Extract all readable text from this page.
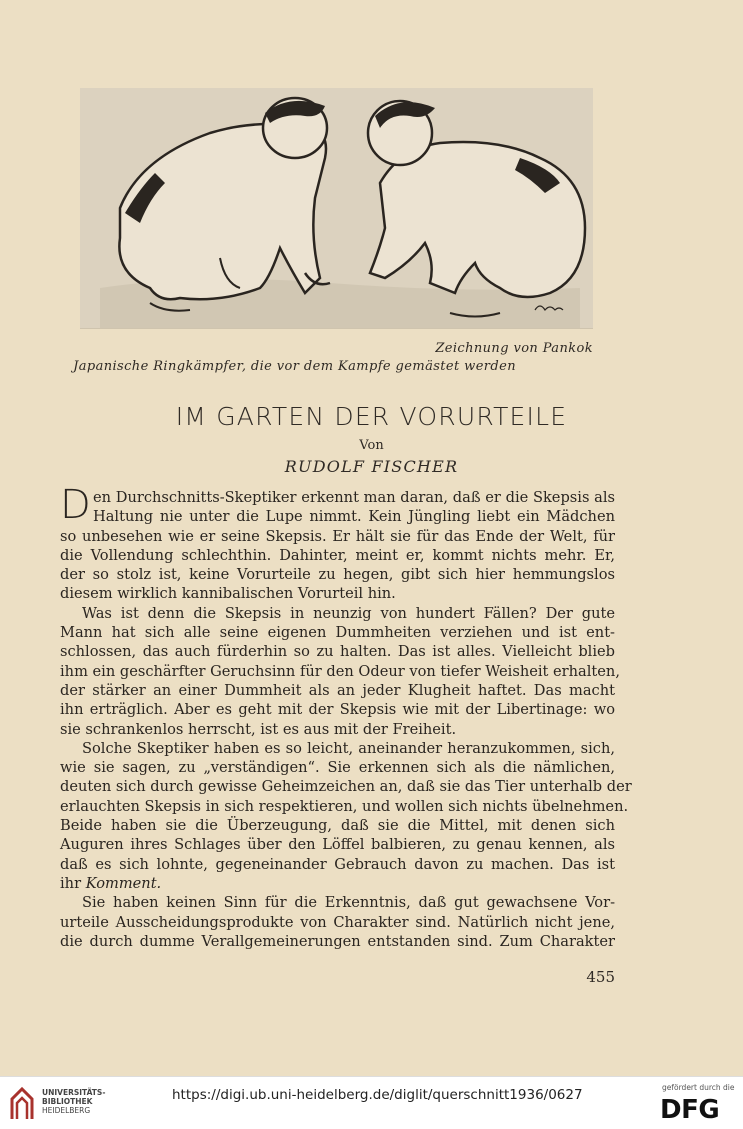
Zeichnung von Pankok
Japanische Ringkämpfer, die vor dem Kampfe gemästet werden
IM GARTEN DER VORURTEILE
Von
RUDOLF FISCHER
D en Durchschnitts-Skeptiker erkennt man daran, daß er die Skepsis als
Haltung nie unter die Lupe nimmt. Kein Jüngling liebt ein Mädchen
so unbesehen wie er seine Skepsis. Er hält sie für das Ende der Welt, für
die Vollendung schlechthin. Dahinter, meint er, kommt nichts mehr. Er,
der so stolz ist, keine Vorurteile zu hegen, gibt sich hier hemmungslos
diesem wirklich kannibalischen Vorurteil hin.
Was ist denn die Skepsis in neunzig von hundert Fällen? Der gute
Mann hat sich alle seine eigenen Dummheiten verziehen und ist ent-
schlossen, das auch fürderhin so zu halten. Das ist alles. Vielleicht blieb
ihm ein geschärfter Geruchsinn für den Odeur von tiefer Weisheit erhalten,
der stärker an einer Dummheit als an jeder Klugheit haftet. Das macht
ihn erträglich. Aber es geht mit der Skepsis wie mit der Libertinage: wo
sie schrankenlos herrscht, ist es aus mit der Freiheit.
Solche Skeptiker haben es so leicht, aneinander heranzukommen, sich,
wie sie sagen, zu „verständigen“. Sie erkennen sich als die nämlichen,
deuten sich durch gewisse Geheimzeichen an, daß sie das Tier unterhalb der
erlauchten Skepsis in sich respektieren, und wollen sich nichts übelnehmen.
Beide haben sie die Überzeugung, daß sie die Mittel, mit denen sich
Auguren ihres Schlages über den Löffel balbieren, zu genau kennen, als
daß es sich lohnte, gegeneinander Gebrauch davon zu machen. Das ist
ihr Komment.
Sie haben keinen Sinn für die Erkenntnis, daß gut gewachsene Vor-
urteile Ausscheidungsprodukte von Charakter sind. Natürlich nicht jene,
die durch dumme Verallgemeinerungen entstanden sind. Zum Charakter
455
UNIVERSITÄTS-
BIBLIOTHEK
HEIDELBERG
https://digi.ub.uni-heidelberg.de/diglit/querschnitt1936/0627	gefördert durch die
DFG
